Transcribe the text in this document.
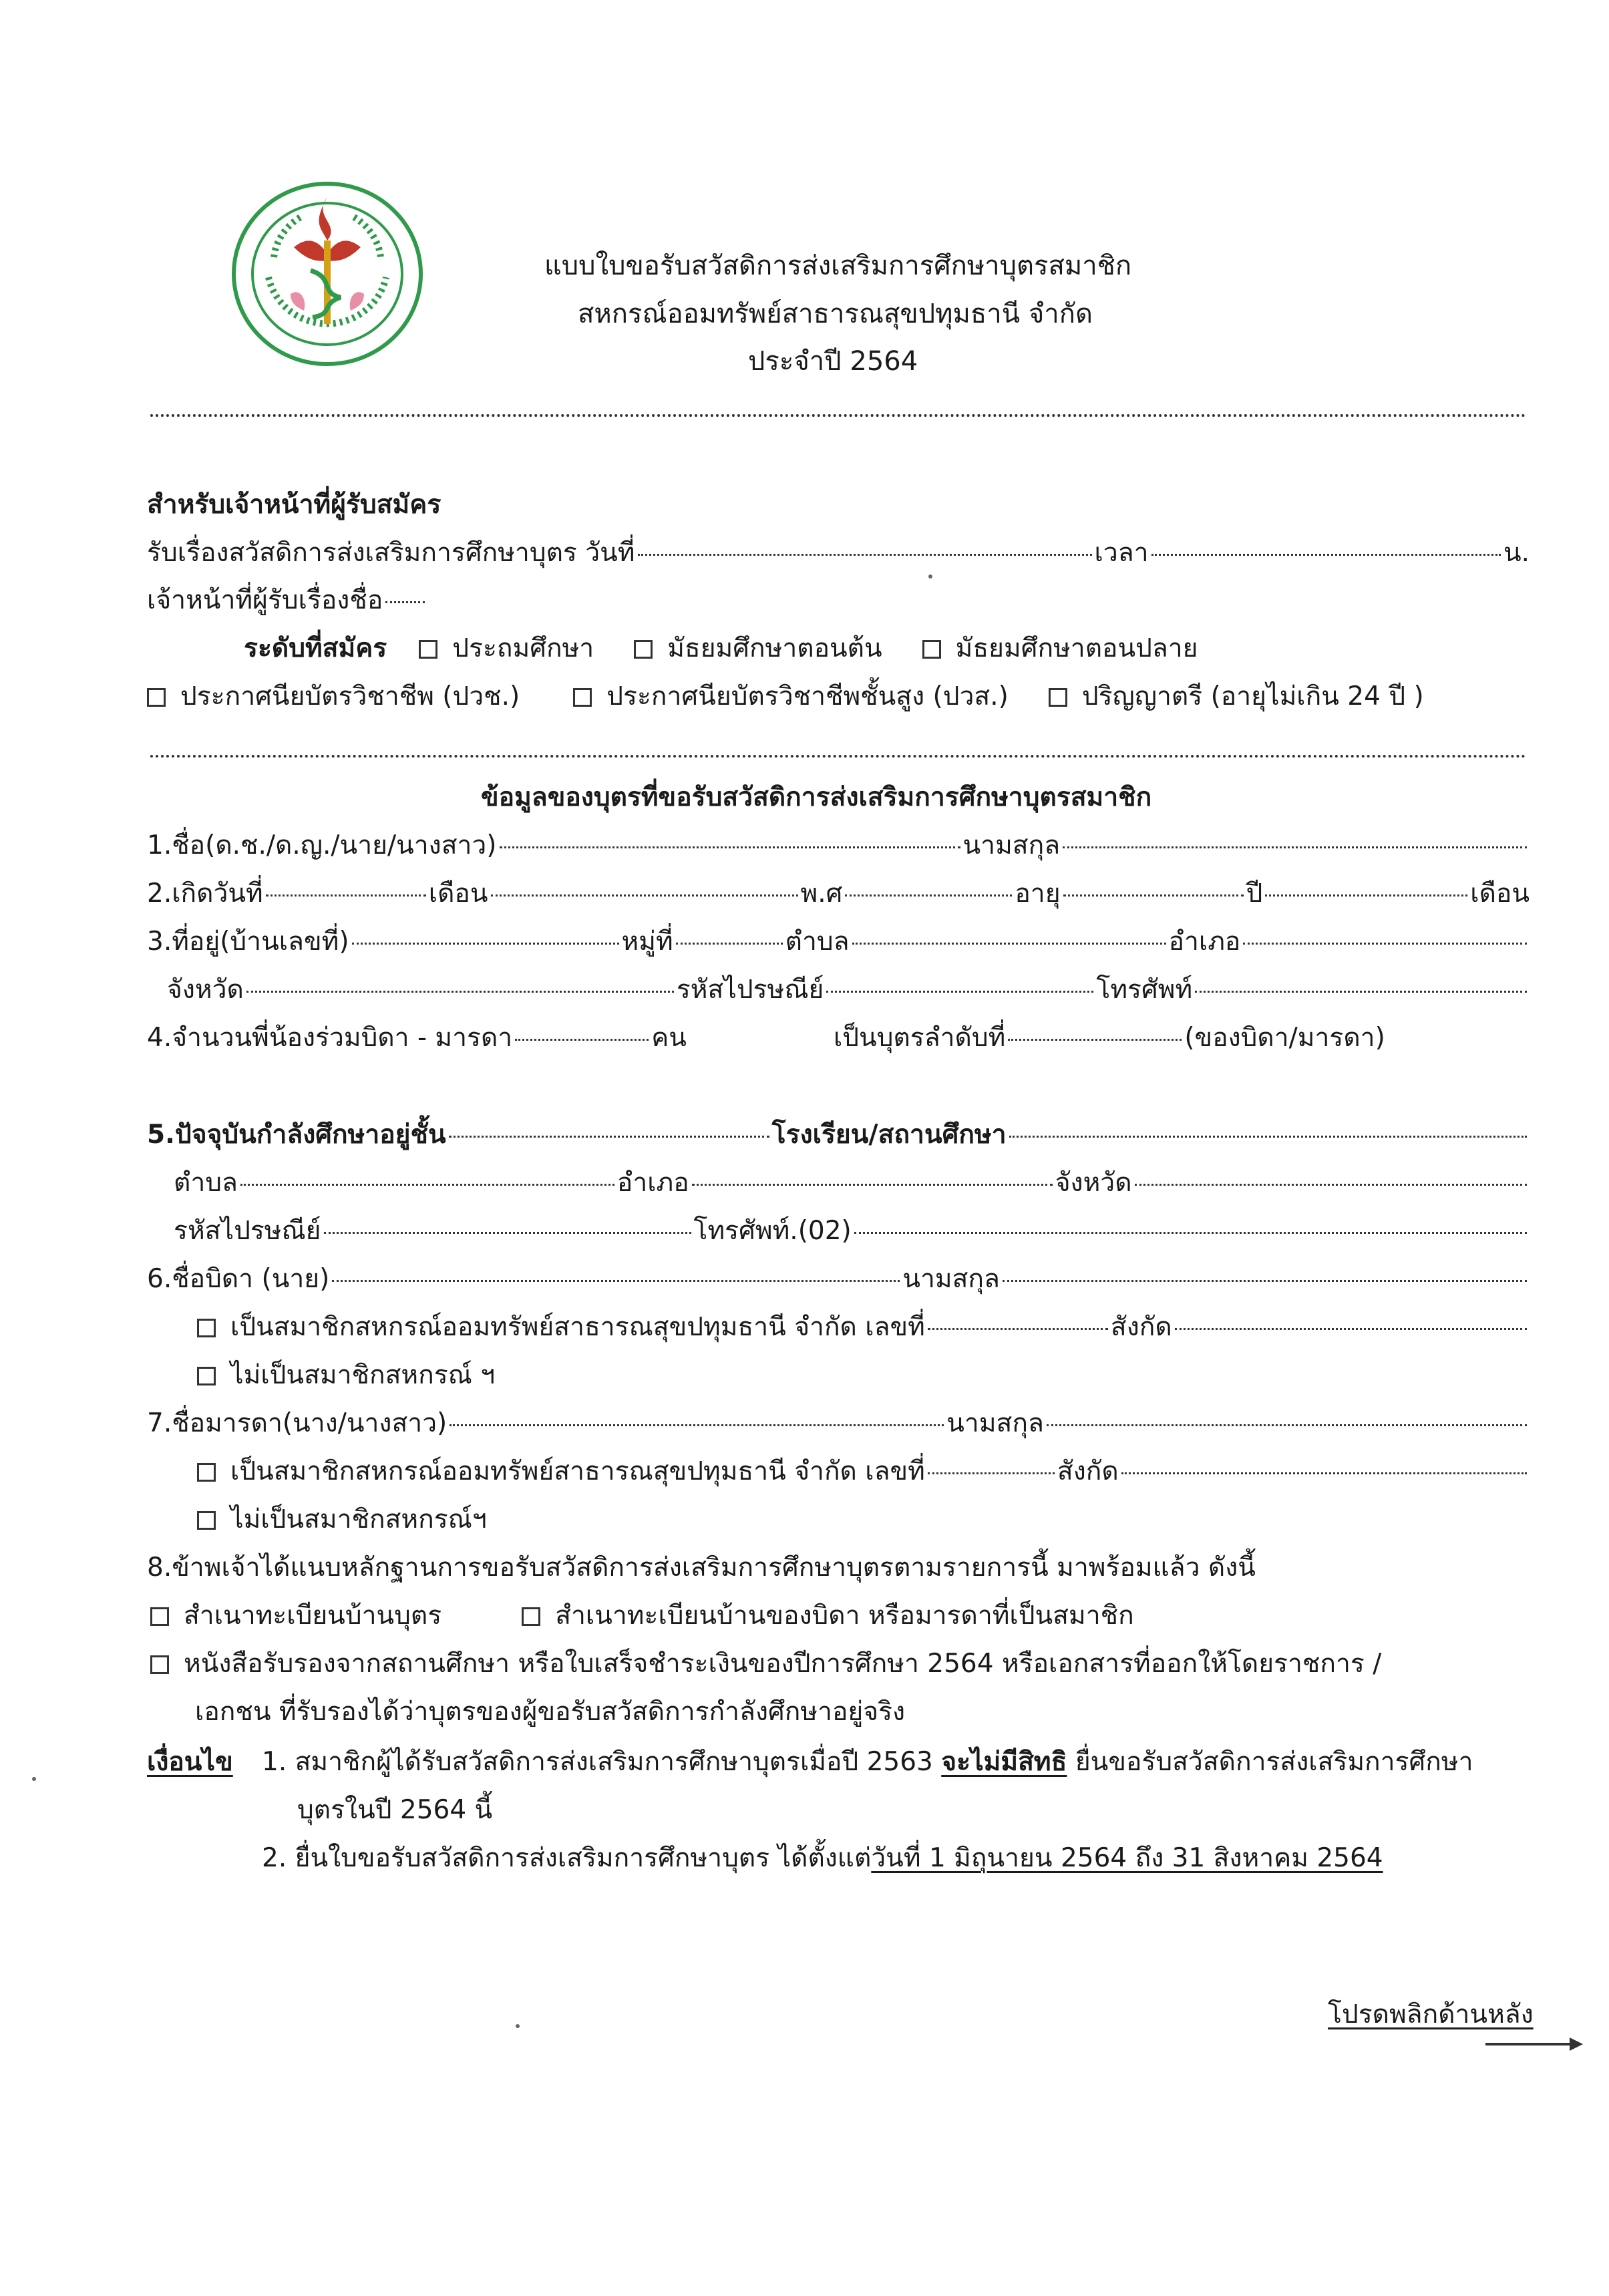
แบบใบขอรับสวัสดิการส่งเสริมการศึกษาบุตรสมาชิก
สหกรณ์ออมทรัพย์สาธารณสุขปทุมธานี จำกัด
ประจำปี 2564
สำหรับเจ้าหน้าที่ผู้รับสมัคร
รับเรื่องสวัสดิการส่งเสริมการศึกษาบุตร วันที่	เวลา	น.
เจ้าหน้าที่ผู้รับเรื่องชื่อ
ระดับที่สมัคร	ประถมศึกษา	มัธยมศึกษาตอนต้น	มัธยมศึกษาตอนปลาย
ประกาศนียบัตรวิชาชีพ (ปวช.)	ประกาศนียบัตรวิชาชีพชั้นสูง (ปวส.)	ปริญญาตรี (อายุไม่เกิน 24 ปี )
ข้อมูลของบุตรที่ขอรับสวัสดิการส่งเสริมการศึกษาบุตรสมาชิก
1.ชื่อ(ด.ช./ด.ญ./นาย/นางสาว)	นามสกุล
2.เกิดวันที่	เดือน	พ.ศ	อายุ	ปี	เดือน
3.ที่อยู่(บ้านเลขที่)	หมู่ที่	ตำบล	อำเภอ
จังหวัด	รหัสไปรษณีย์	โทรศัพท์
4.จำนวนพี่น้องร่วมบิดา - มารดา	คน	เป็นบุตรลำดับที่	(ของบิดา/มารดา)
5.ปัจจุบันกำลังศึกษาอยู่ชั้น	โรงเรียน/สถานศึกษา
ตำบล	อำเภอ	จังหวัด
รหัสไปรษณีย์	โทรศัพท์.(02)
6.ชื่อบิดา (นาย)	นามสกุล
เป็นสมาชิกสหกรณ์ออมทรัพย์สาธารณสุขปทุมธานี จำกัด เลขที่	สังกัด
ไม่เป็นสมาชิกสหกรณ์ ฯ
7.ชื่อมารดา(นาง/นางสาว)	นามสกุล
เป็นสมาชิกสหกรณ์ออมทรัพย์สาธารณสุขปทุมธานี จำกัด เลขที่	สังกัด
ไม่เป็นสมาชิกสหกรณ์ฯ
8.ข้าพเจ้าได้แนบหลักฐานการขอรับสวัสดิการส่งเสริมการศึกษาบุตรตามรายการนี้ มาพร้อมแล้ว ดังนี้
สำเนาทะเบียนบ้านบุตร	สำเนาทะเบียนบ้านของบิดา หรือมารดาที่เป็นสมาชิก
หนังสือรับรองจากสถานศึกษา หรือใบเสร็จชำระเงินของปีการศึกษา 2564 หรือเอกสารที่ออกให้โดยราชการ /
เอกชน ที่รับรองได้ว่าบุตรของผู้ขอรับสวัสดิการกำลังศึกษาอยู่จริง
เงื่อนไข 1. สมาชิกผู้ได้รับสวัสดิการส่งเสริมการศึกษาบุตรเมื่อปี 2563 จะไม่มีสิทธิ ยื่นขอรับสวัสดิการส่งเสริมการศึกษา
บุตรในปี 2564 นี้
2. ยื่นใบขอรับสวัสดิการส่งเสริมการศึกษาบุตร ได้ตั้งแต่วันที่ 1 มิถุนายน 2564 ถึง 31 สิงหาคม 2564
โปรดพลิกด้านหลัง
